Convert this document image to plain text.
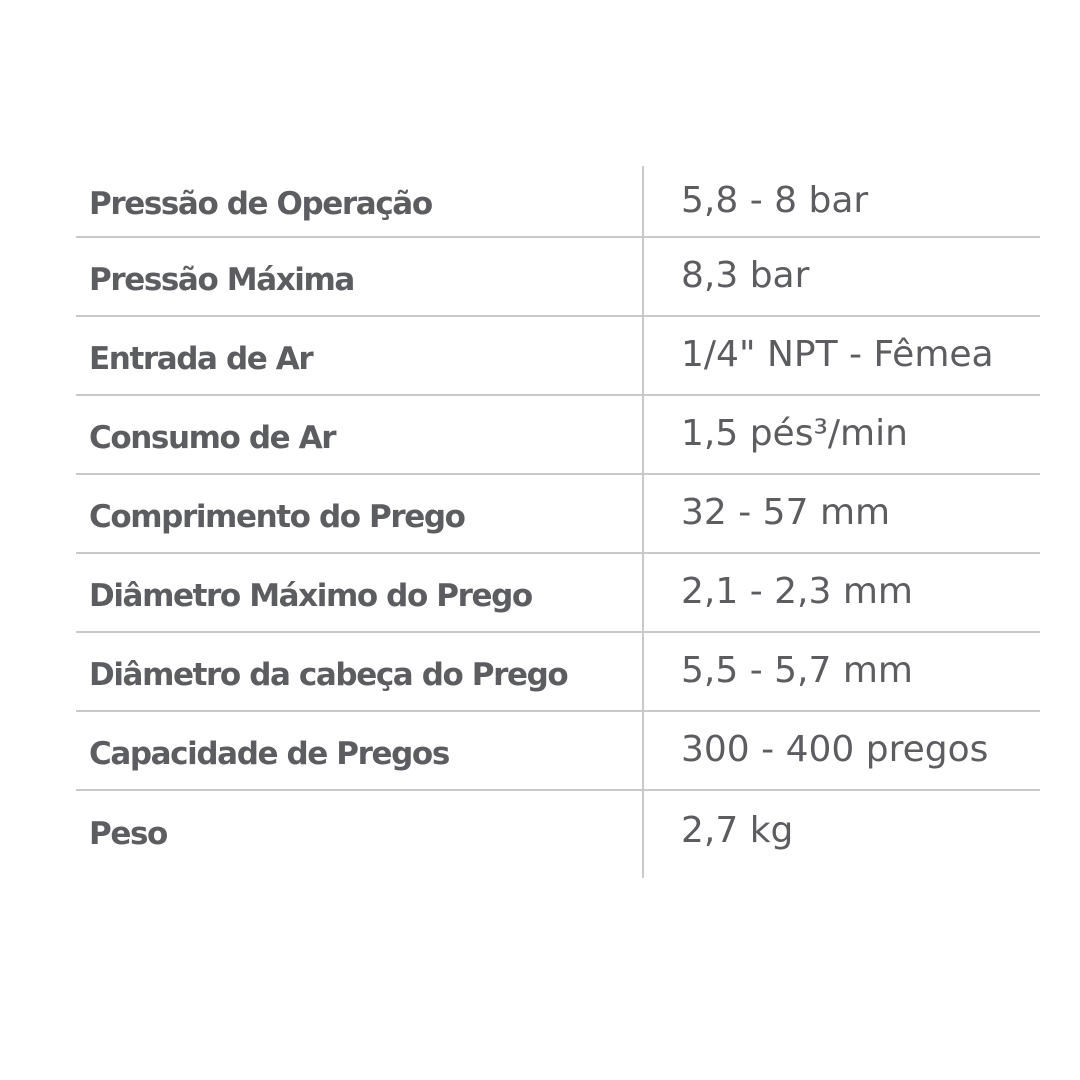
Pressão de Operação	5,8 - 8 bar
Pressão Máxima	8,3 bar
Entrada de Ar	1/4" NPT - Fêmea
Consumo de Ar	1,5 pés³/min
Comprimento do Prego	32 - 57 mm
Diâmetro Máximo do Prego	2,1 - 2,3 mm
Diâmetro da cabeça do Prego	5,5 - 5,7 mm
Capacidade de Pregos	300 - 400 pregos
Peso	2,7 kg
